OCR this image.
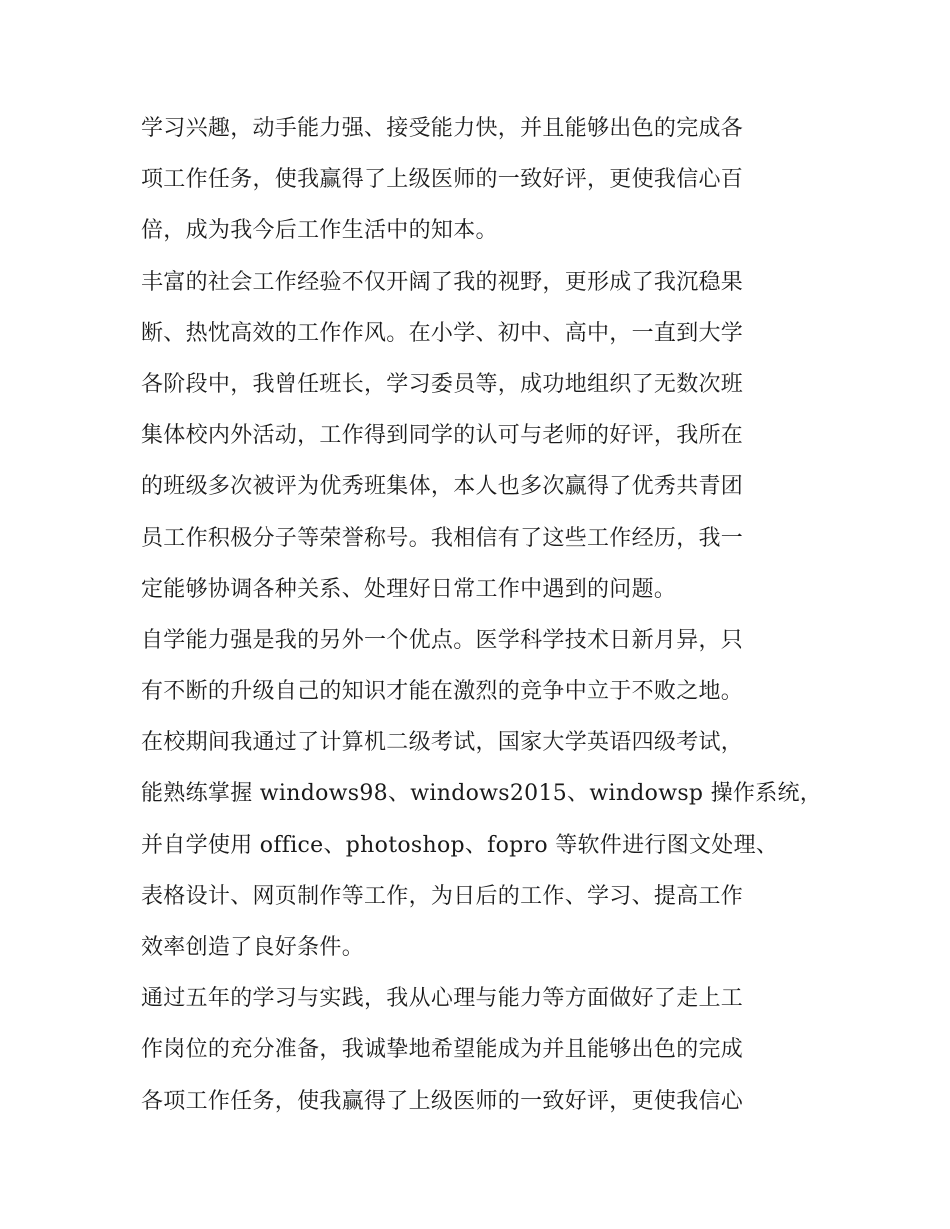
学习兴趣，动手能力强、接受能力快，并且能够出色的完成各
项工作任务，使我赢得了上级医师的一致好评，更使我信心百
倍，成为我今后工作生活中的知本。
丰富的社会工作经验不仅开阔了我的视野，更形成了我沉稳果
断、热忱高效的工作作风。在小学、初中、高中，一直到大学
各阶段中，我曾任班长，学习委员等，成功地组织了无数次班
集体校内外活动，工作得到同学的认可与老师的好评，我所在
的班级多次被评为优秀班集体，本人也多次赢得了优秀共青团
员工作积极分子等荣誉称号。我相信有了这些工作经历，我一
定能够协调各种关系、处理好日常工作中遇到的问题。
自学能力强是我的另外一个优点。医学科学技术日新月异，只
有不断的升级自己的知识才能在激烈的竞争中立于不败之地。
在校期间我通过了计算机二级考试，国家大学英语四级考试，
能熟练掌握 windows98、windows2015、windowsp 操作系统，
并自学使用 office、photoshop、fopro 等软件进行图文处理、
表格设计、网页制作等工作，为日后的工作、学习、提高工作
效率创造了良好条件。
通过五年的学习与实践，我从心理与能力等方面做好了走上工
作岗位的充分准备，我诚挚地希望能成为并且能够出色的完成
各项工作任务，使我赢得了上级医师的一致好评，更使我信心
